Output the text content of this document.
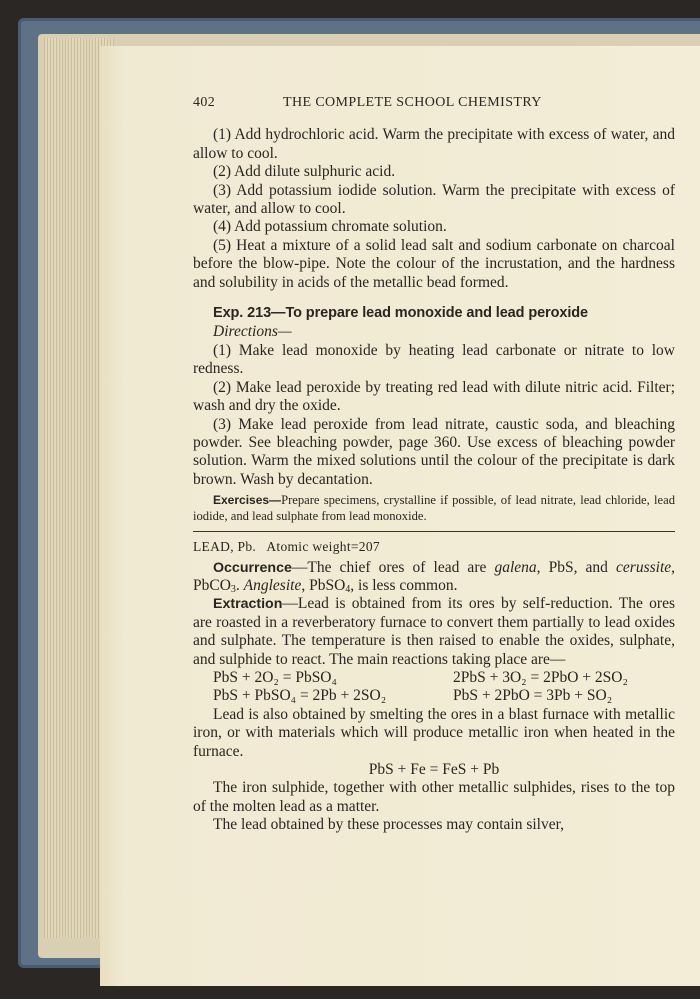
402	THE COMPLETE SCHOOL CHEMISTRY

(1) Add hydrochloric acid. Warm the precipitate with excess of water, and allow to cool.

(2) Add dilute sulphuric acid.

(3) Add potassium iodide solution. Warm the precipitate with excess of water, and allow to cool.

(4) Add potassium chromate solution.

(5) Heat a mixture of a solid lead salt and sodium carbonate on charcoal before the blow-pipe. Note the colour of the incrustation, and the hardness and solubility in acids of the metallic bead formed.

Exp. 213—To prepare lead monoxide and lead peroxide

Directions—

(1) Make lead monoxide by heating lead carbonate or nitrate to low redness.

(2) Make lead peroxide by treating red lead with dilute nitric acid. Filter; wash and dry the oxide.

(3) Make lead peroxide from lead nitrate, caustic soda, and bleaching powder. See bleaching powder, page 360. Use excess of bleaching powder solution. Warm the mixed solutions until the colour of the precipitate is dark brown. Wash by decantation.

Exercises—Prepare specimens, crystalline if possible, of lead nitrate, lead chloride, lead iodide, and lead sulphate from lead monoxide.

LEAD, Pb. Atomic weight=207

Occurrence—The chief ores of lead are galena, PbS, and cerussite, PbCO$_3$. Anglesite, PbSO$_4$, is less common.

Extraction—Lead is obtained from its ores by self-reduction. The ores are roasted in a reverberatory furnace to convert them partially to lead oxides and sulphate. The temperature is then raised to enable the oxides, sulphate, and sulphide to react. The main reactions taking place are—

PbS + 2O₂ = PbSO₄	2PbS + 3O₂ = 2PbO + 2SO₂
PbS + PbSO₄ = 2Pb + 2SO₂	PbS + 2PbO = 3Pb + SO₂

Lead is also obtained by smelting the ores in a blast furnace with metallic iron, or with materials which will produce metallic iron when heated in the furnace.

PbS + Fe = FeS + Pb

The iron sulphide, together with other metallic sulphides, rises to the top of the molten lead as a matter.

The lead obtained by these processes may contain silver,
